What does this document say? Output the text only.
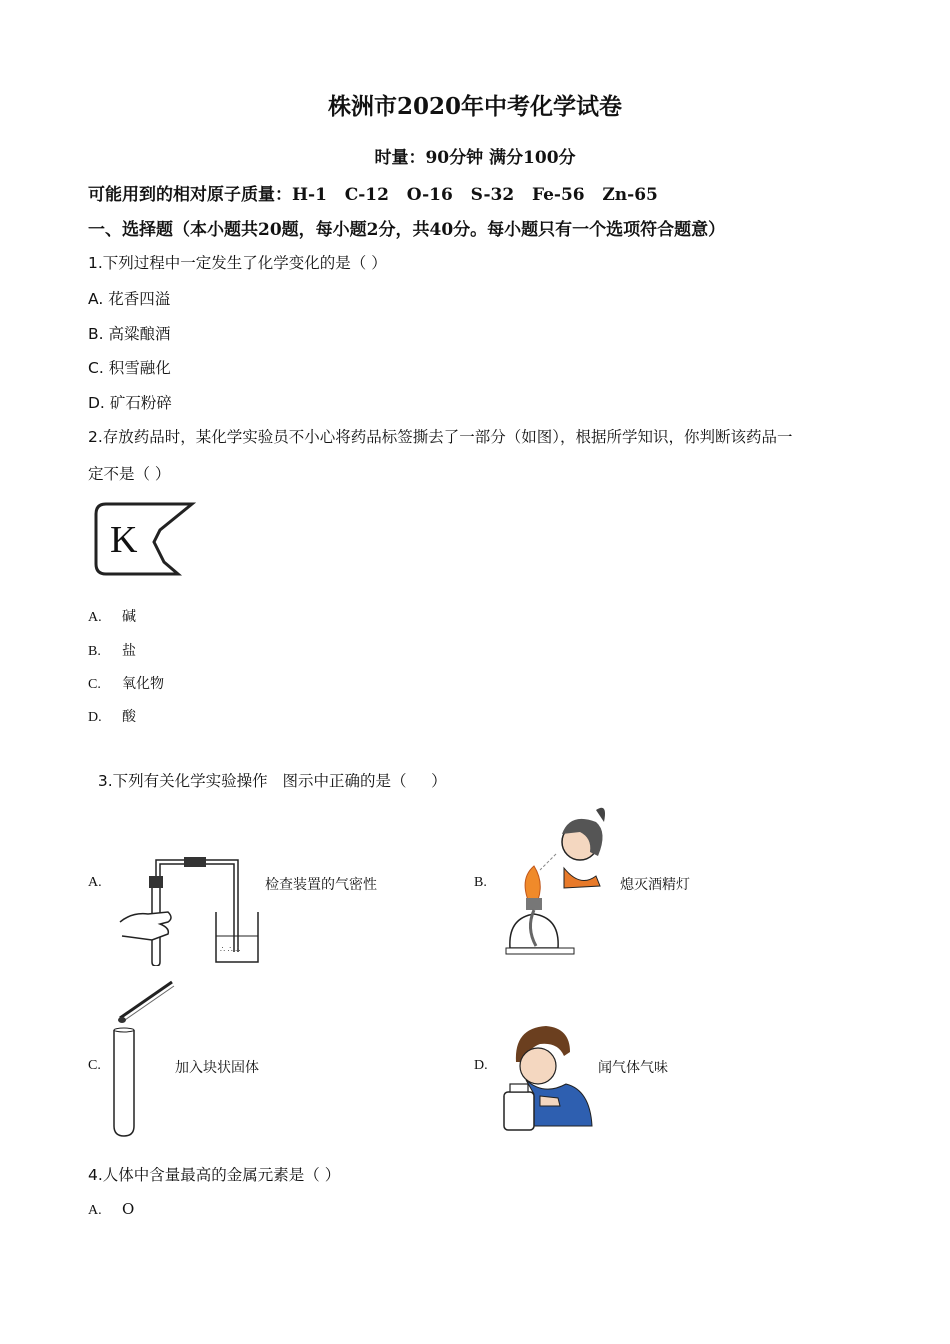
株洲市2020年中考化学试卷
时量：90分钟 满分100分
可能用到的相对原子质量：H-1   C-12   O-16   S-32   Fe-56   Zn-65
一、选择题（本小题共20题，每小题2分，共40分。每小题只有一个选项符合题意）
1.下列过程中一定发生了化学变化的是（ ）
A. 花香四溢
B. 高粱酿酒
C. 积雪融化
D. 矿石粉碎
2.存放药品时，某化学实验员不小心将药品标签撕去了一部分（如图），根据所学知识，你判断该药品一
定不是（ ）
K
A. 碱
B. 盐
C. 氧化物
D. 酸

3.下列有关化学实验操作   图示中正确的是（     ）

A.
∴ ∴ ∴
检查装置的气密性	B.	熄灭酒精灯
C.	加入块状固体	D.	闻气体气味
4.人体中含量最高的金属元素是（ ）
A. O
